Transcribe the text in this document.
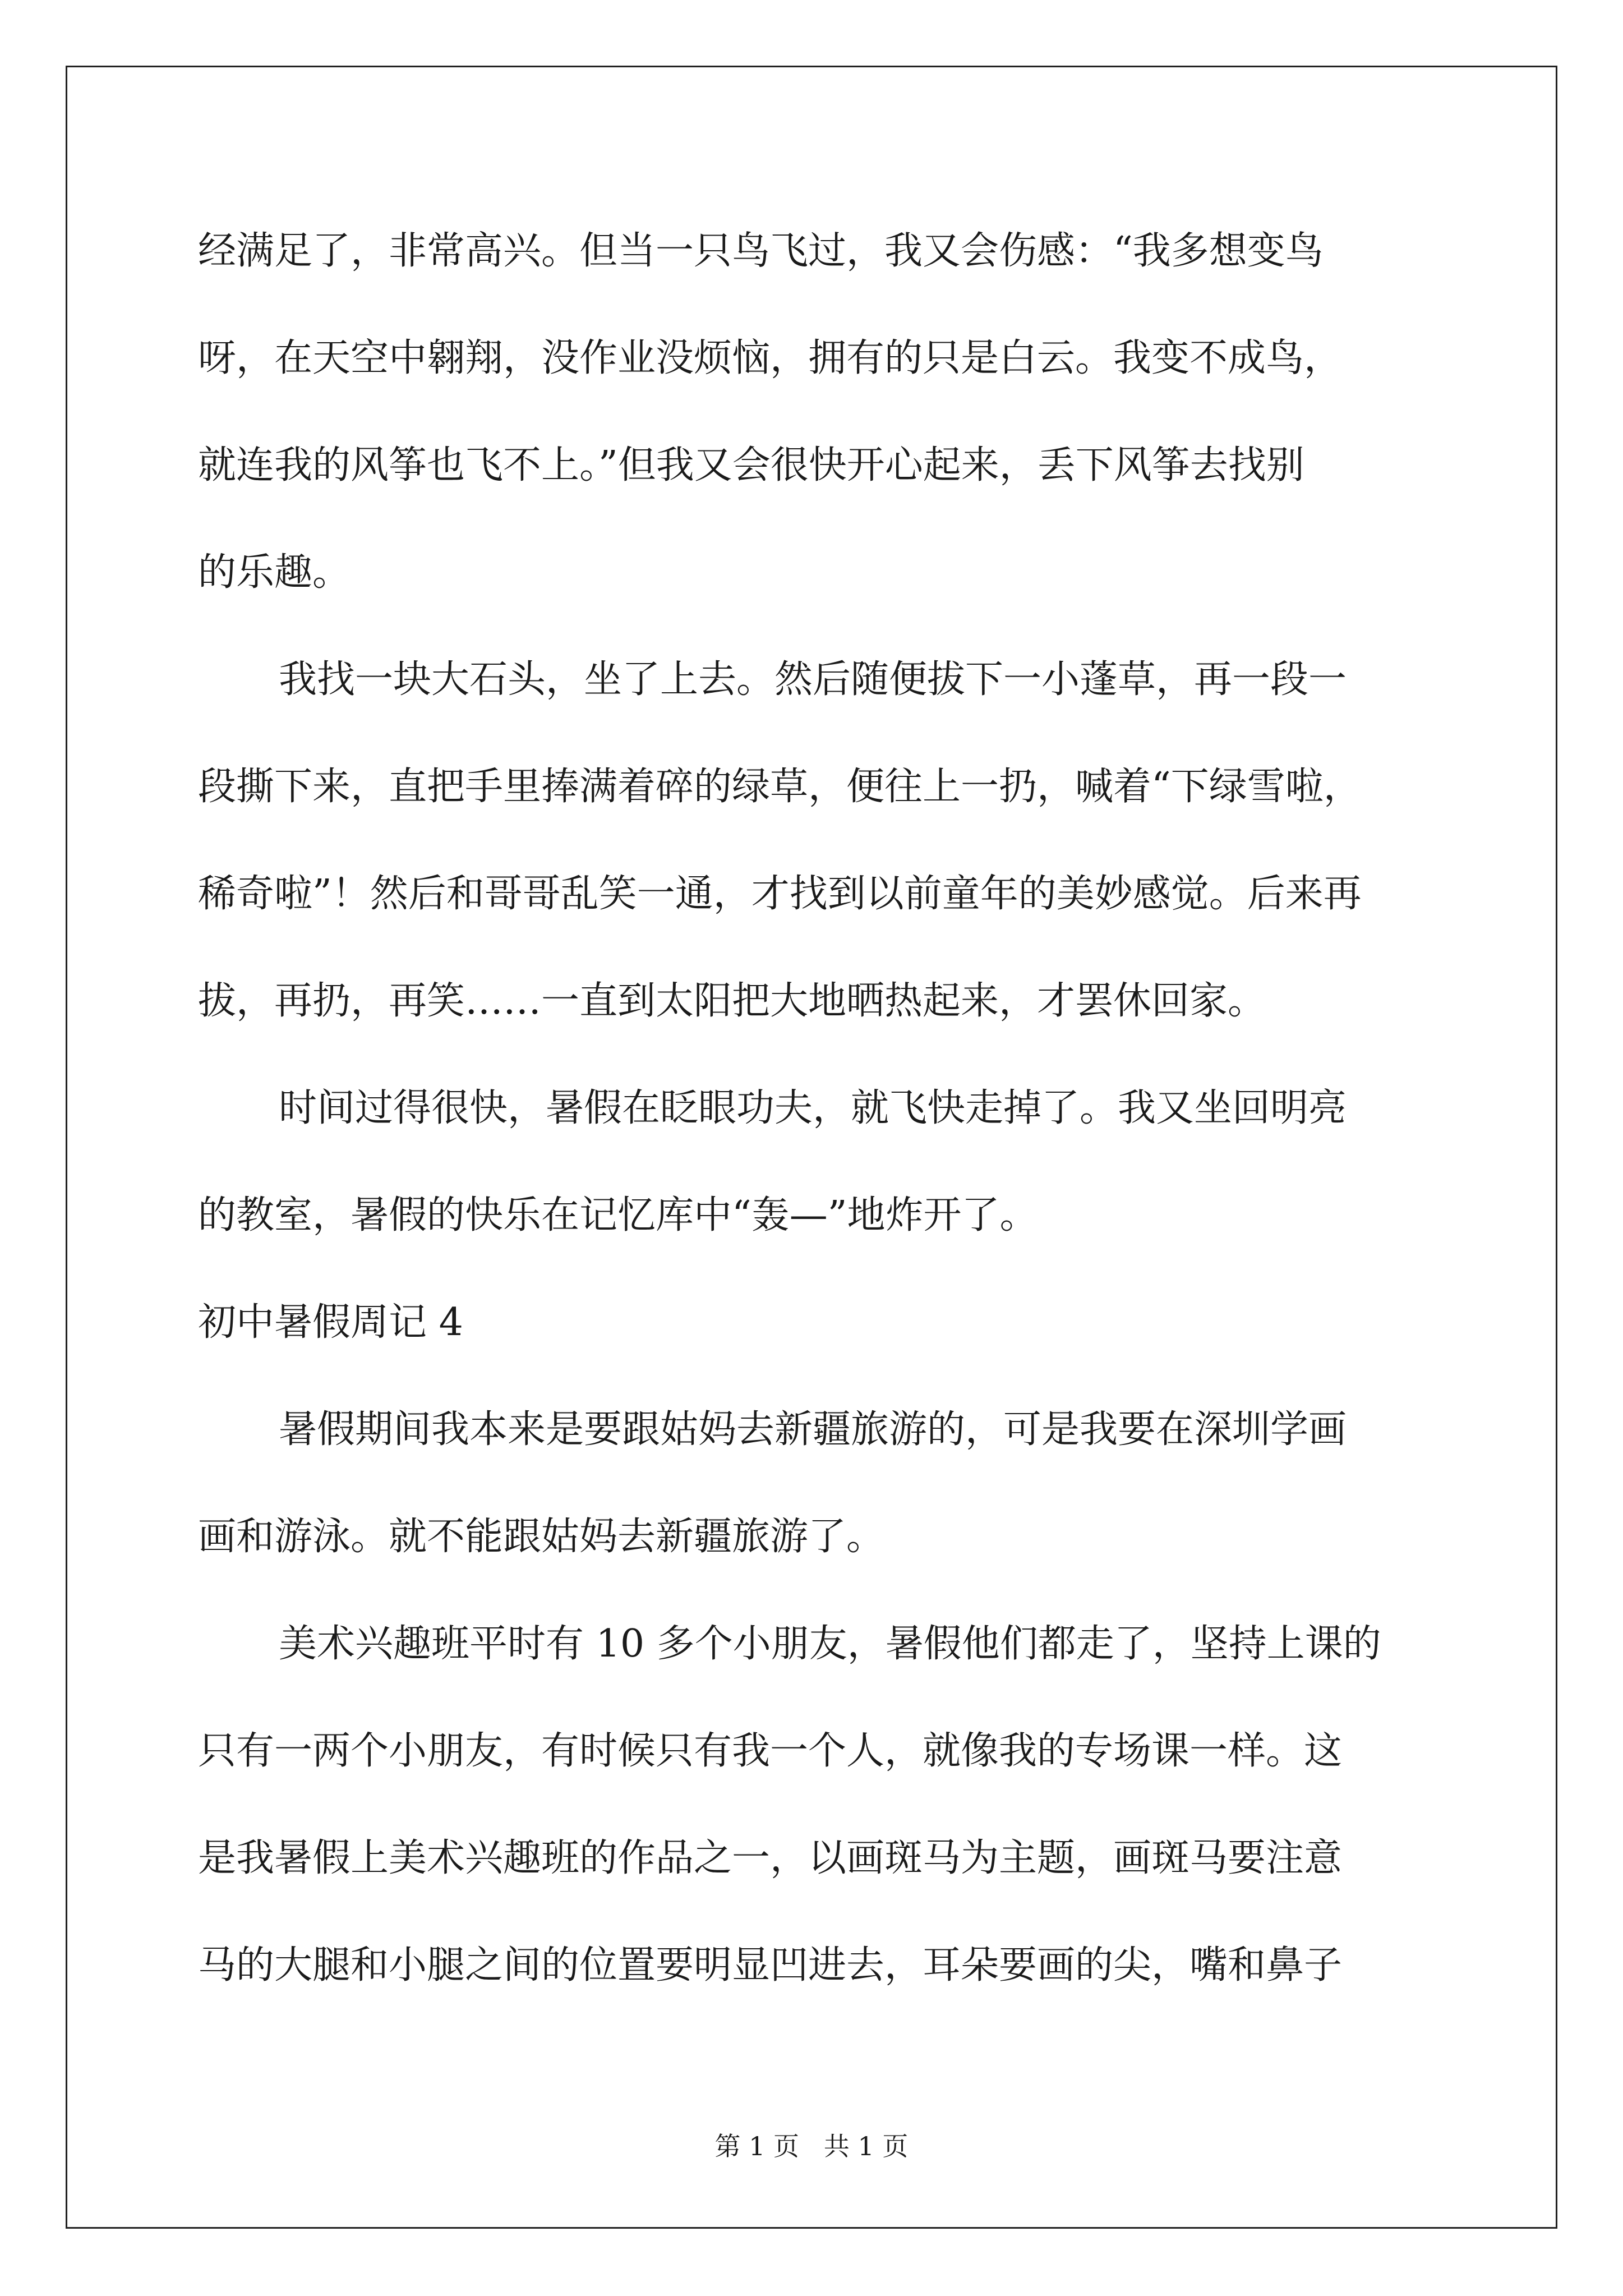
经满足了，非常高兴。但当一只鸟飞过，我又会伤感：“我多想变鸟
呀，在天空中翱翔，没作业没烦恼，拥有的只是白云。我变不成鸟，
就连我的风筝也飞不上。”但我又会很快开心起来，丢下风筝去找别
的乐趣。
我找一块大石头，坐了上去。然后随便拔下一小蓬草，再一段一
段撕下来，直把手里捧满着碎的绿草，便往上一扔，喊着“下绿雪啦，
稀奇啦”！然后和哥哥乱笑一通，才找到以前童年的美妙感觉。后来再
拔，再扔，再笑……一直到太阳把大地晒热起来，才罢休回家。
时间过得很快，暑假在眨眼功夫，就飞快走掉了。我又坐回明亮
的教室，暑假的快乐在记忆库中“轰—”地炸开了。
初中暑假周记 4
暑假期间我本来是要跟姑妈去新疆旅游的，可是我要在深圳学画
画和游泳。就不能跟姑妈去新疆旅游了。
美术兴趣班平时有 10 多个小朋友，暑假他们都走了，坚持上课的
只有一两个小朋友，有时候只有我一个人，就像我的专场课一样。这
是我暑假上美术兴趣班的作品之一，以画斑马为主题，画斑马要注意
马的大腿和小腿之间的位置要明显凹进去，耳朵要画的尖，嘴和鼻子
第 1 页   共 1 页
